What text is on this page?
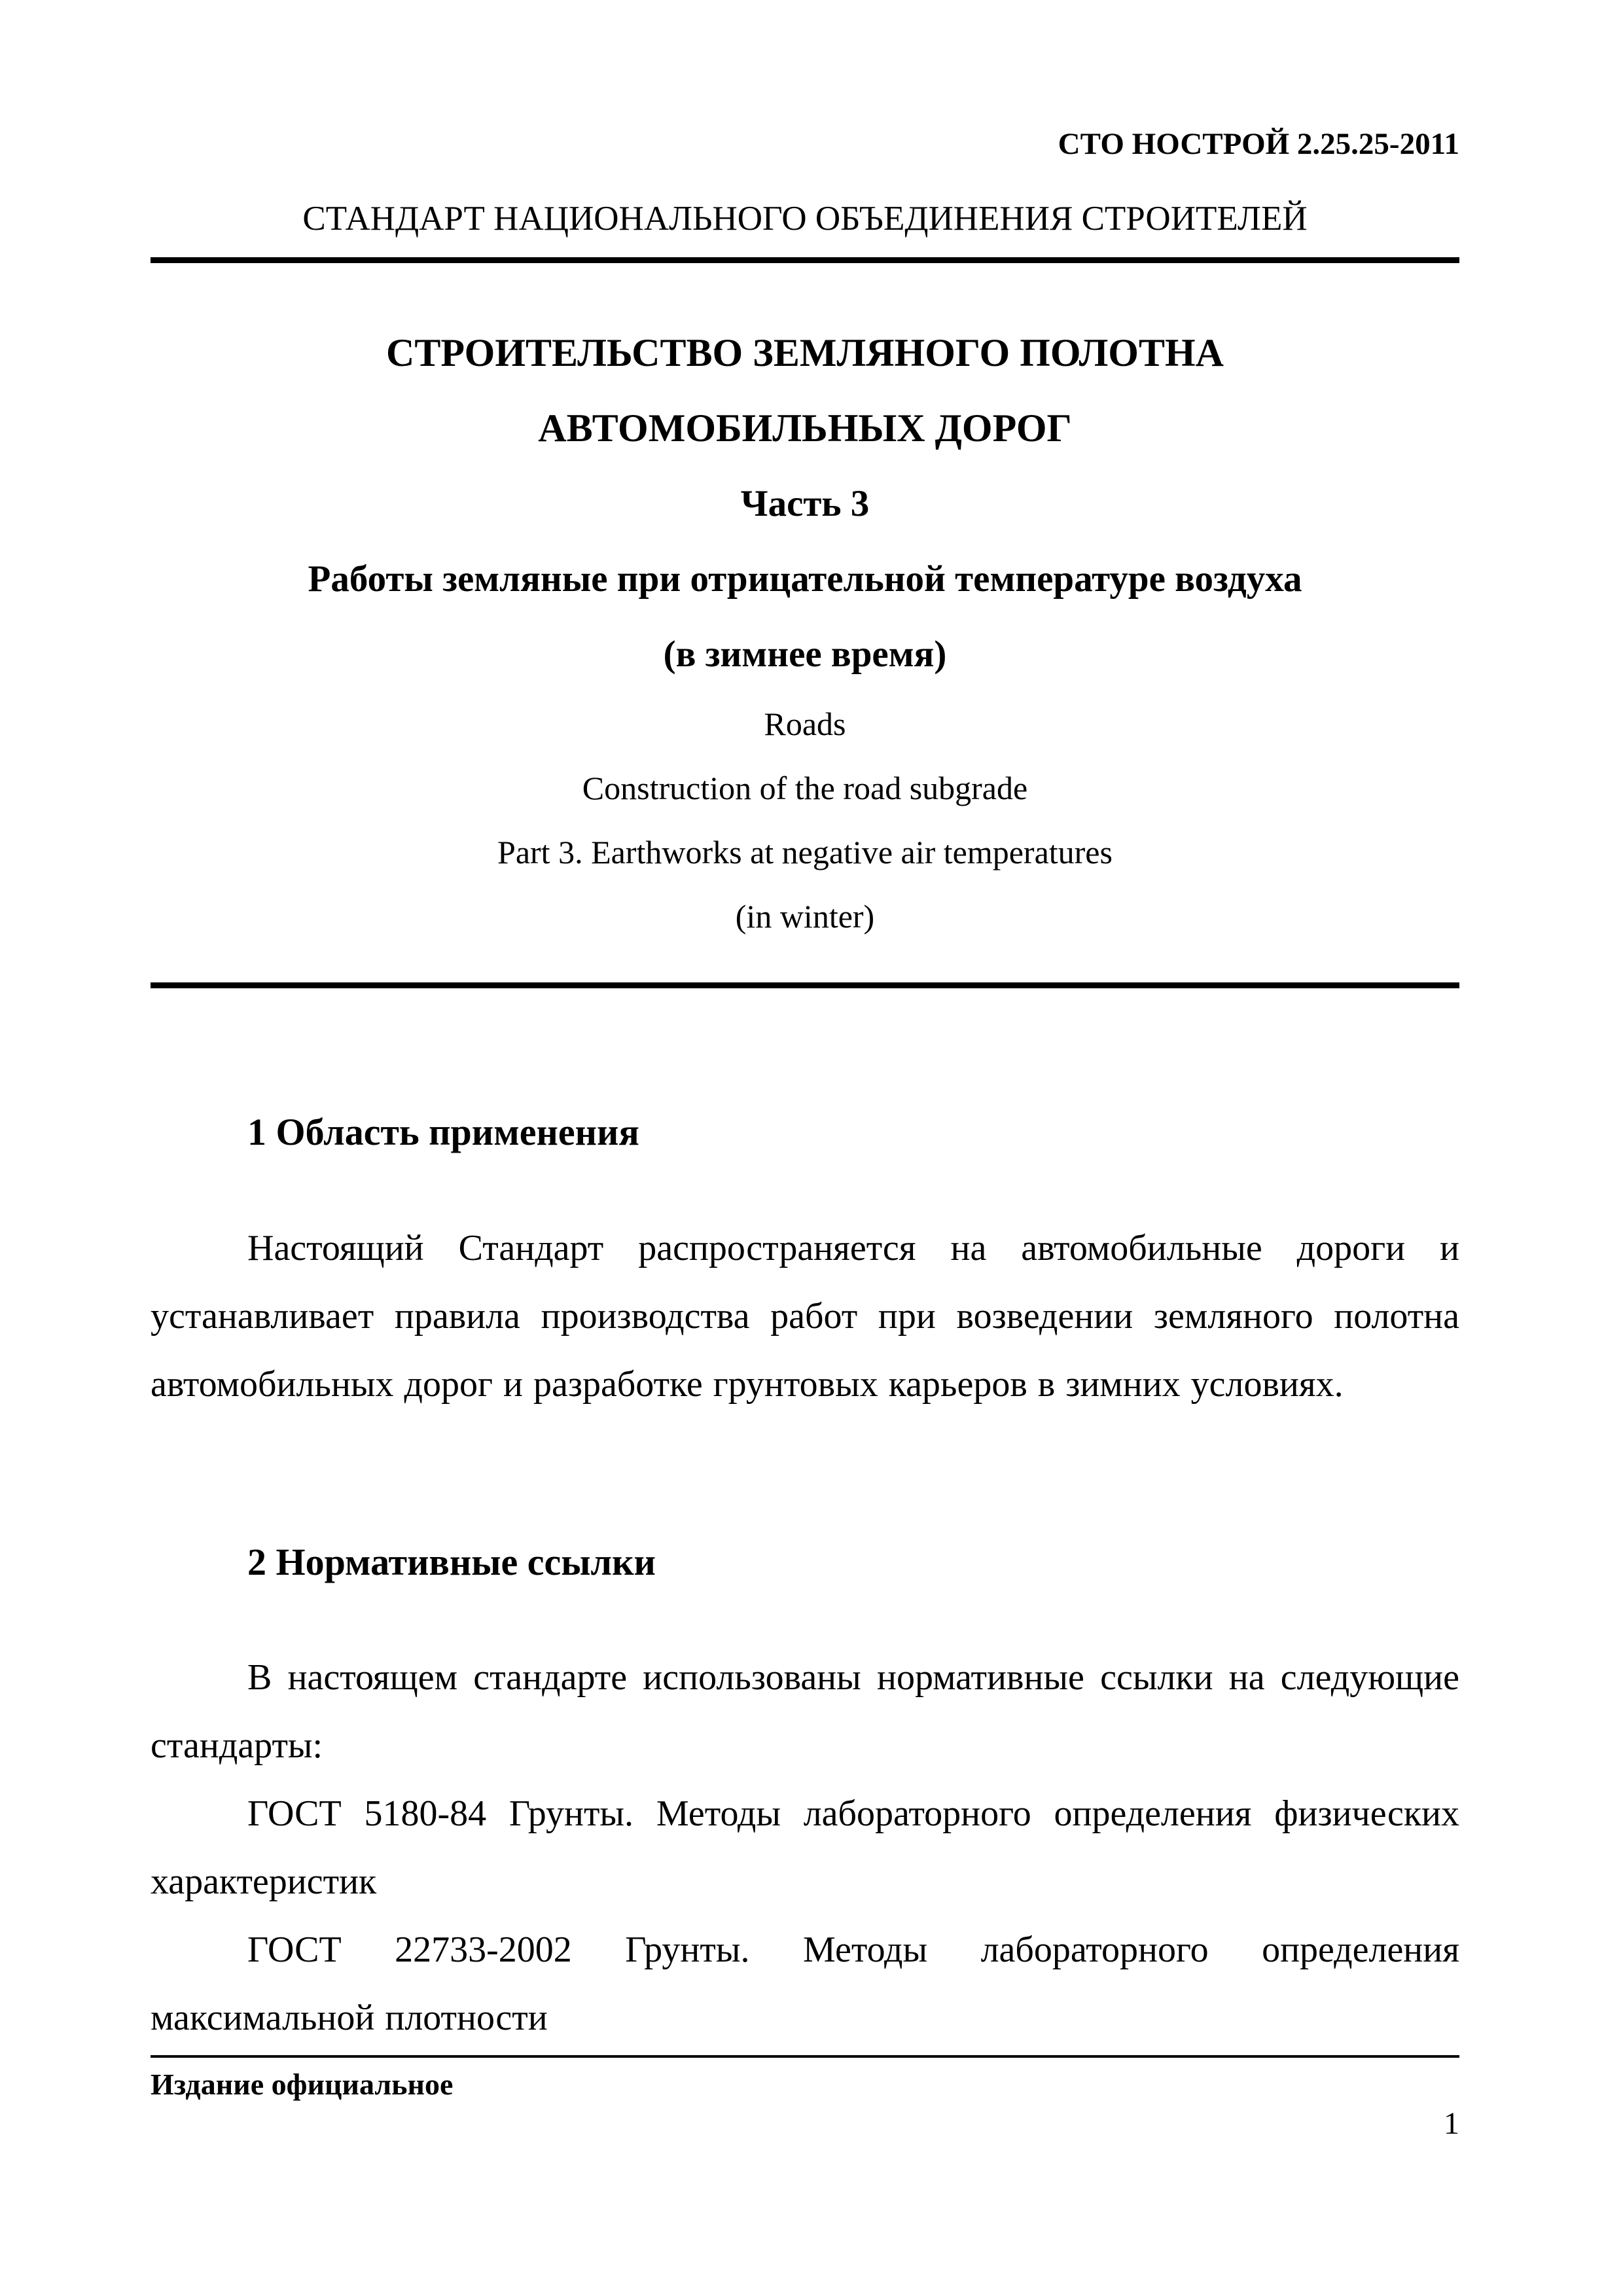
СТО НОСТРОЙ 2.25.25-2011
СТАНДАРТ НАЦИОНАЛЬНОГО ОБЪЕДИНЕНИЯ СТРОИТЕЛЕЙ
СТРОИТЕЛЬСТВО ЗЕМЛЯНОГО ПОЛОТНА
АВТОМОБИЛЬНЫХ ДОРОГ
Часть 3
Работы земляные при отрицательной температуре воздуха
(в зимнее время)
Roads
Construction of the road subgrade
Part 3. Earthworks at negative air temperatures
(in winter)
1 Область применения

Настоящий Стандарт распространяется на автомобильные дороги и устанавливает правила производства работ при возведении земляного полотна автомобильных дорог и разработке грунтовых карьеров в зимних условиях.

2 Нормативные ссылки

В настоящем стандарте использованы нормативные ссылки на следующие стандарты:

ГОСТ 5180-84 Грунты. Методы лабораторного определения физических характеристик

ГОСТ 22733-2002 Грунты. Методы лабораторного определения максимальной плотности

Издание официальное
1
